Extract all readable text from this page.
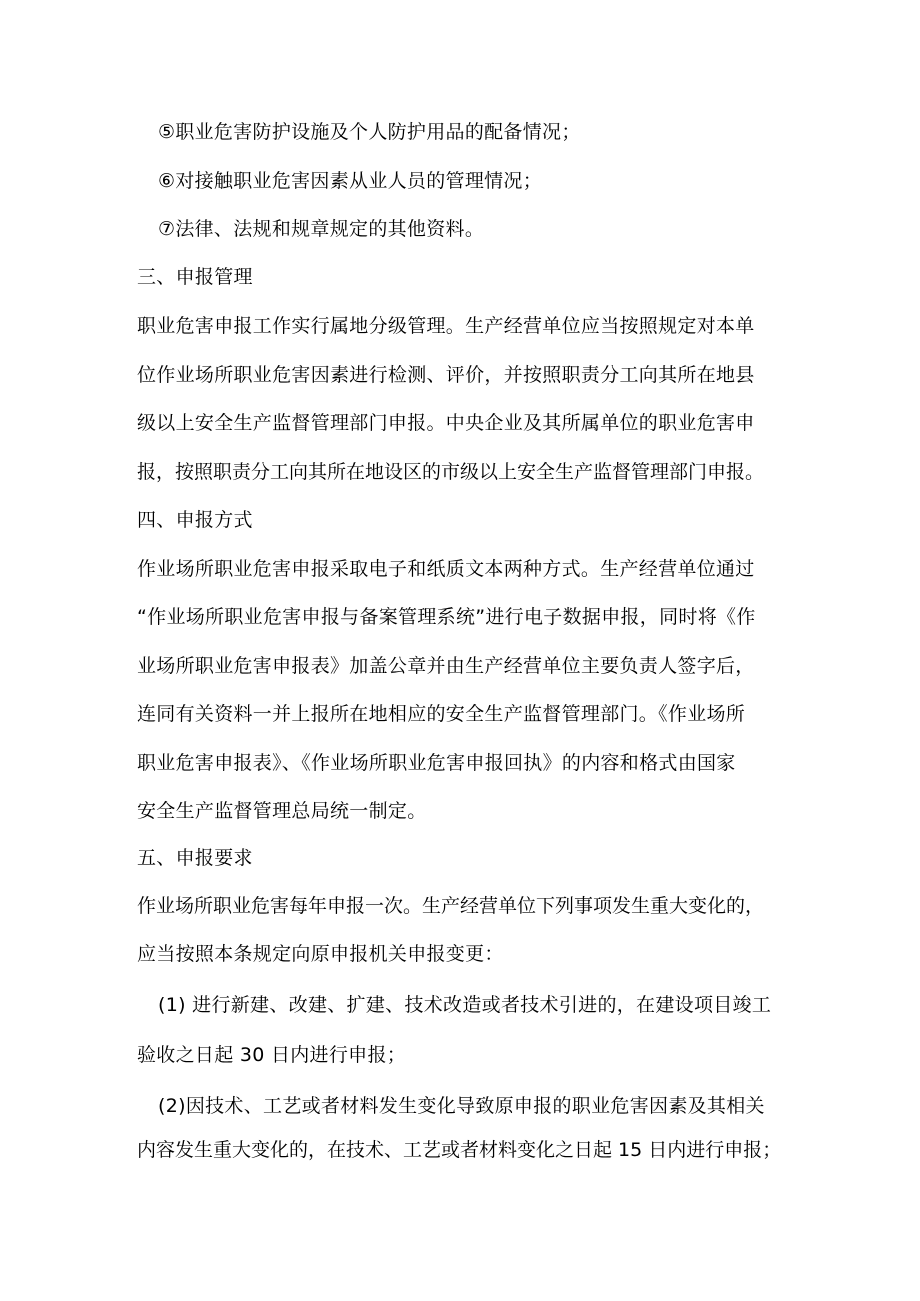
⑤职业危害防护设施及个人防护用品的配备情况；
⑥对接触职业危害因素从业人员的管理情况；
⑦法律、法规和规章规定的其他资料。
三、申报管理
职业危害申报工作实行属地分级管理。生产经营单位应当按照规定对本单
位作业场所职业危害因素进行检测、评价，并按照职责分工向其所在地县
级以上安全生产监督管理部门申报。中央企业及其所属单位的职业危害申
报，按照职责分工向其所在地设区的市级以上安全生产监督管理部门申报。
四、申报方式
作业场所职业危害申报采取电子和纸质文本两种方式。生产经营单位通过
“作业场所职业危害申报与备案管理系统”进行电子数据申报，同时将《作
业场所职业危害申报表》加盖公章并由生产经营单位主要负责人签字后，
连同有关资料一并上报所在地相应的安全生产监督管理部门。《作业场所
职业危害申报表》、《作业场所职业危害申报回执》的内容和格式由国家
安全生产监督管理总局统一制定。
五、申报要求
作业场所职业危害每年申报一次。生产经营单位下列事项发生重大变化的，
应当按照本条规定向原申报机关申报变更：
(1) 进行新建、改建、扩建、技术改造或者技术引进的，在建设项目竣工
验收之日起 30 日内进行申报；
(2)因技术、工艺或者材料发生变化导致原申报的职业危害因素及其相关
内容发生重大变化的，在技术、工艺或者材料变化之日起 15 日内进行申报；
